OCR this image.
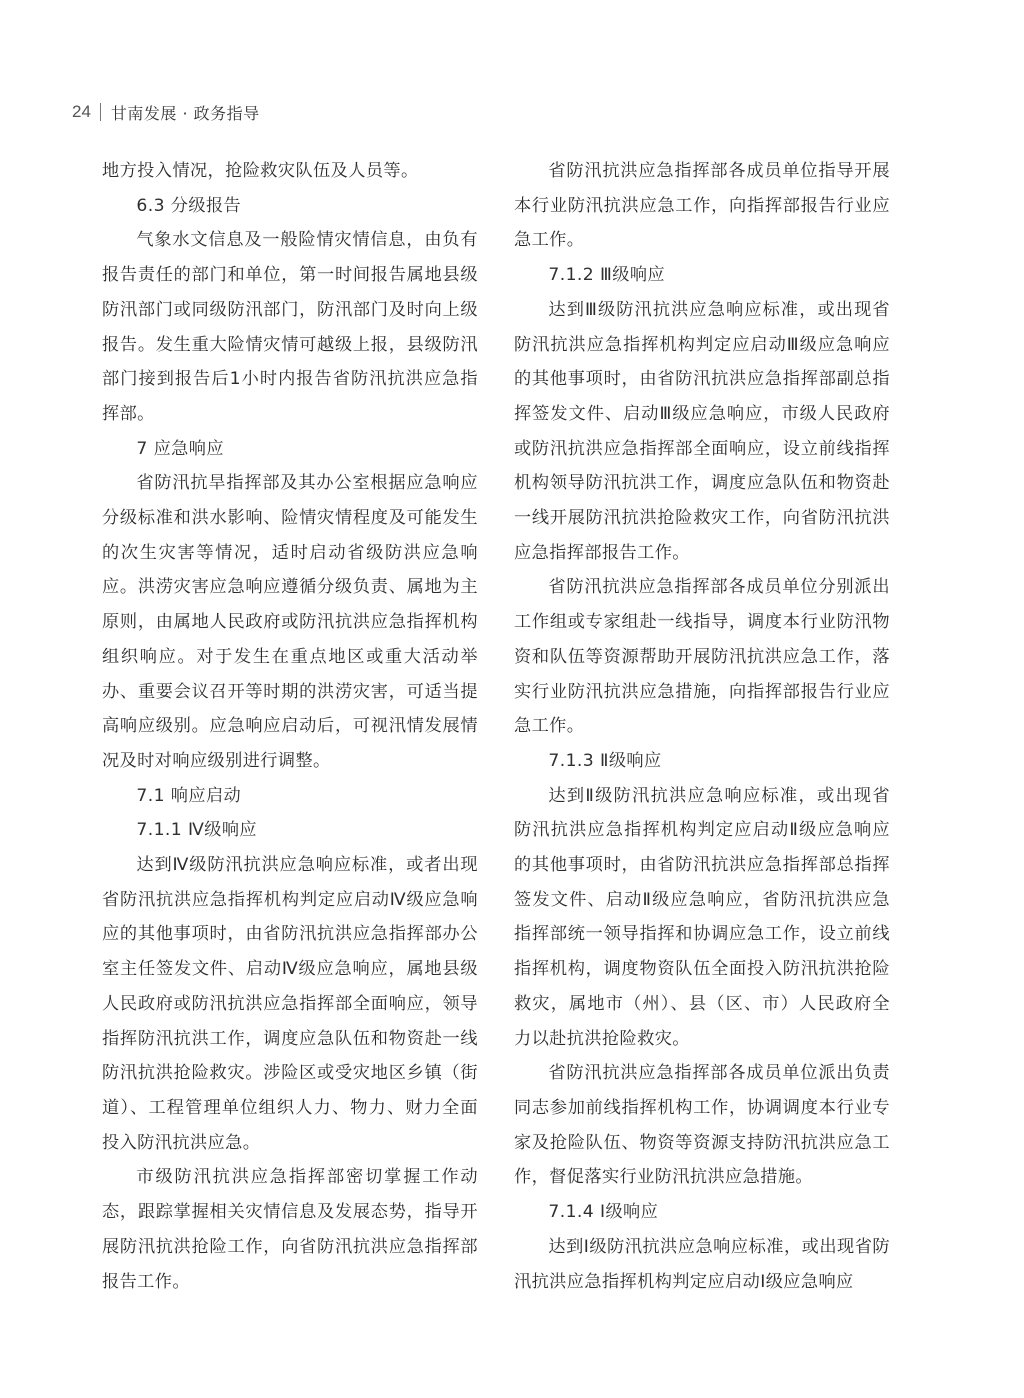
24 甘南发展 · 政务指导

地方投入情况，抢险救灾队伍及人员等。

6.3 分级报告

气象水文信息及一般险情灾情信息，由负有报告责任的部门和单位，第一时间报告属地县级防汛部门或同级防汛部门，防汛部门及时向上级报告。发生重大险情灾情可越级上报，县级防汛部门接到报告后1小时内报告省防汛抗洪应急指挥部。

7 应急响应

省防汛抗旱指挥部及其办公室根据应急响应分级标准和洪水影响、险情灾情程度及可能发生的次生灾害等情况，适时启动省级防洪应急响应。洪涝灾害应急响应遵循分级负责、属地为主原则，由属地人民政府或防汛抗洪应急指挥机构组织响应。对于发生在重点地区或重大活动举办、重要会议召开等时期的洪涝灾害，可适当提高响应级别。应急响应启动后，可视汛情发展情况及时对响应级别进行调整。

7.1 响应启动

7.1.1 Ⅳ级响应

达到Ⅳ级防汛抗洪应急响应标准，或者出现省防汛抗洪应急指挥机构判定应启动Ⅳ级应急响应的其他事项时，由省防汛抗洪应急指挥部办公室主任签发文件、启动Ⅳ级应急响应，属地县级人民政府或防汛抗洪应急指挥部全面响应，领导指挥防汛抗洪工作，调度应急队伍和物资赴一线防汛抗洪抢险救灾。涉险区或受灾地区乡镇（街道）、工程管理单位组织人力、物力、财力全面投入防汛抗洪应急。

市级防汛抗洪应急指挥部密切掌握工作动态，跟踪掌握相关灾情信息及发展态势，指导开展防汛抗洪抢险工作，向省防汛抗洪应急指挥部报告工作。

省防汛抗洪应急指挥部各成员单位指导开展本行业防汛抗洪应急工作，向指挥部报告行业应急工作。

7.1.2 Ⅲ级响应

达到Ⅲ级防汛抗洪应急响应标准，或出现省防汛抗洪应急指挥机构判定应启动Ⅲ级应急响应的其他事项时，由省防汛抗洪应急指挥部副总指挥签发文件、启动Ⅲ级应急响应，市级人民政府或防汛抗洪应急指挥部全面响应，设立前线指挥机构领导防汛抗洪工作，调度应急队伍和物资赴一线开展防汛抗洪抢险救灾工作，向省防汛抗洪应急指挥部报告工作。

省防汛抗洪应急指挥部各成员单位分别派出工作组或专家组赴一线指导，调度本行业防汛物资和队伍等资源帮助开展防汛抗洪应急工作，落实行业防汛抗洪应急措施，向指挥部报告行业应急工作。

7.1.3 Ⅱ级响应

达到Ⅱ级防汛抗洪应急响应标准，或出现省防汛抗洪应急指挥机构判定应启动Ⅱ级应急响应的其他事项时，由省防汛抗洪应急指挥部总指挥签发文件、启动Ⅱ级应急响应，省防汛抗洪应急指挥部统一领导指挥和协调应急工作，设立前线指挥机构，调度物资队伍全面投入防汛抗洪抢险救灾，属地市（州）、县（区、市）人民政府全力以赴抗洪抢险救灾。

省防汛抗洪应急指挥部各成员单位派出负责同志参加前线指挥机构工作，协调调度本行业专家及抢险队伍、物资等资源支持防汛抗洪应急工作，督促落实行业防汛抗洪应急措施。

7.1.4 Ⅰ级响应

达到Ⅰ级防汛抗洪应急响应标准，或出现省防汛抗洪应急指挥机构判定应启动Ⅰ级应急响应
